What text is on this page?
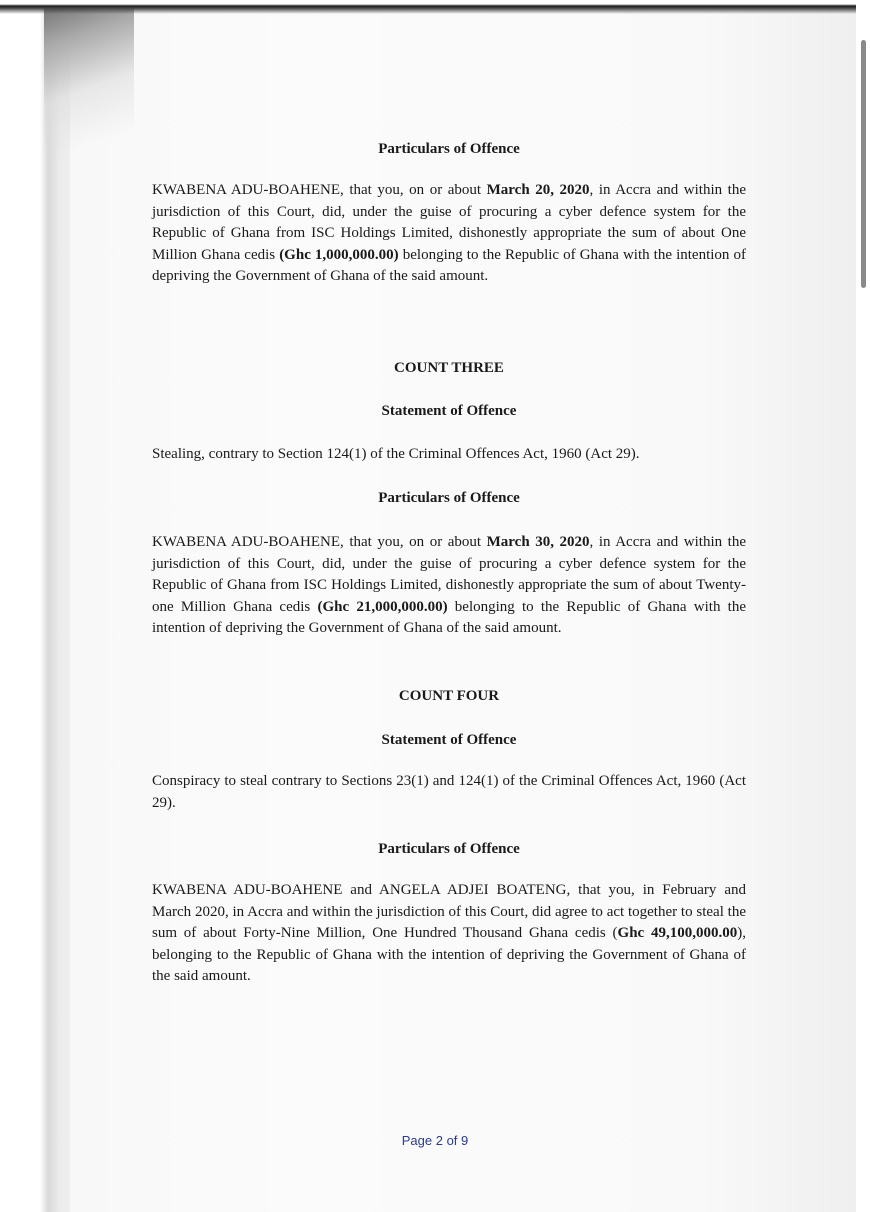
Particulars of Offence

KWABENA ADU-BOAHENE, that you, on or about March 20, 2020, in Accra and within the jurisdiction of this Court, did, under the guise of procuring a cyber defence system for the Republic of Ghana from ISC Holdings Limited, dishonestly appropriate the sum of about One Million Ghana cedis (Ghc 1,000,000.00) belonging to the Republic of Ghana with the intention of depriving the Government of Ghana of the said amount.

COUNT THREE
Statement of Offence

Stealing, contrary to Section 124(1) of the Criminal Offences Act, 1960 (Act 29).

Particulars of Offence

KWABENA ADU-BOAHENE, that you, on or about March 30, 2020, in Accra and within the jurisdiction of this Court, did, under the guise of procuring a cyber defence system for the Republic of Ghana from ISC Holdings Limited, dishonestly appropriate the sum of about Twenty-one Million Ghana cedis (Ghc 21,000,000.00) belonging to the Republic of Ghana with the intention of depriving the Government of Ghana of the said amount.

COUNT FOUR
Statement of Offence

Conspiracy to steal contrary to Sections 23(1) and 124(1) of the Criminal Offences Act, 1960 (Act 29).

Particulars of Offence

KWABENA ADU-BOAHENE and ANGELA ADJEI BOATENG, that you, in February and March 2020, in Accra and within the jurisdiction of this Court, did agree to act together to steal the sum of about Forty-Nine Million, One Hundred Thousand Ghana cedis (Ghc 49,100,000.00), belonging to the Republic of Ghana with the intention of depriving the Government of Ghana of the said amount.

Page 2 of 9
